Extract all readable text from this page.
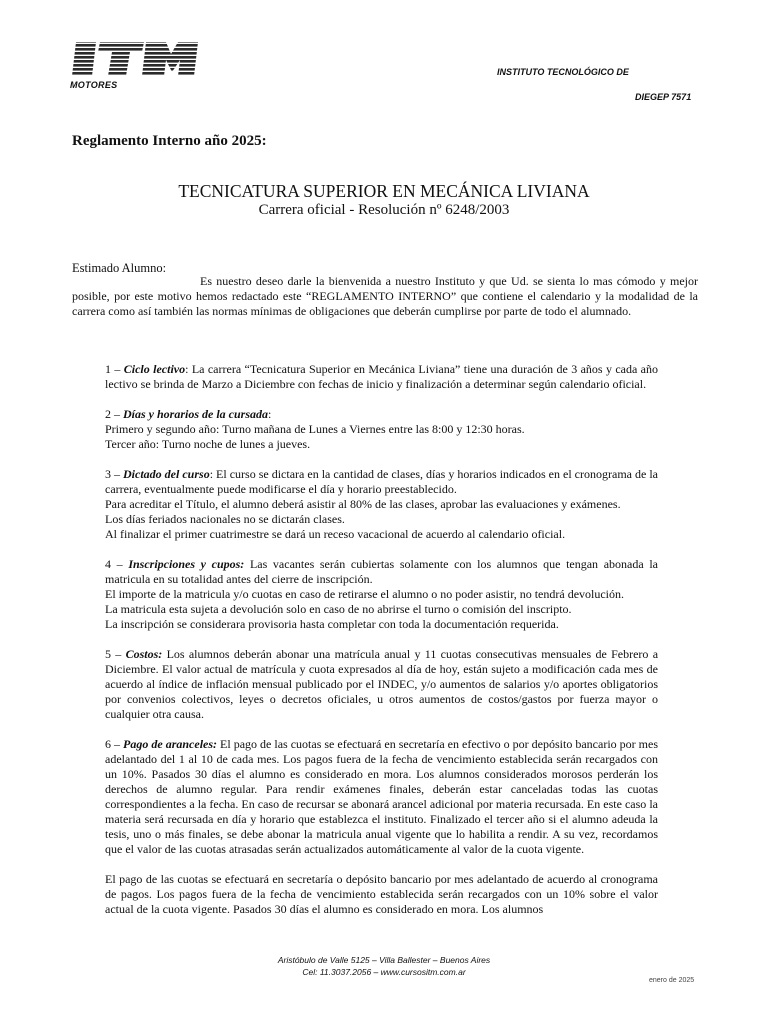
MOTORES
INSTITUTO TECNOLÓGICO DE
DIEGEP 7571
Reglamento Interno año 2025:
TECNICATURA SUPERIOR EN MECÁNICA LIVIANA
Carrera oficial - Resolución nº 6248/2003
Estimado Alumno:
Es nuestro deseo darle la bienvenida a nuestro Instituto y que Ud. se sienta lo mas cómodo y mejor posible, por este motivo hemos redactado este “REGLAMENTO INTERNO” que contiene el calendario y la modalidad de la carrera como así también las normas mínimas de obligaciones que deberán cumplirse por parte de todo el alumnado.

1 – Ciclo lectivo: La carrera “Tecnicatura Superior en Mecánica Liviana” tiene una duración de 3 años y cada año lectivo se brinda de Marzo a Diciembre con fechas de inicio y finalización a determinar según calendario oficial.

2 – Días y horarios de la cursada:
Primero y segundo año: Turno mañana de Lunes a Viernes entre las 8:00 y 12:30 horas.
Tercer año: Turno noche de lunes a jueves.

3 – Dictado del curso: El curso se dictara en la cantidad de clases, días y horarios indicados en el cronograma de la carrera, eventualmente puede modificarse el día y horario preestablecido.
Para acreditar el Título, el alumno deberá asistir al 80% de las clases, aprobar las evaluaciones y exámenes.
Los días feriados nacionales no se dictarán clases.
Al finalizar el primer cuatrimestre se dará un receso vacacional de acuerdo al calendario oficial.

4 – Inscripciones y cupos: Las vacantes serán cubiertas solamente con los alumnos que tengan abonada la matricula en su totalidad antes del cierre de inscripción.
El importe de la matricula y/o cuotas en caso de retirarse el alumno o no poder asistir, no tendrá devolución.
La matricula esta sujeta a devolución solo en caso de no abrirse el turno o comisión del inscripto.
La inscripción se considerara provisoria hasta completar con toda la documentación requerida.

5 – Costos: Los alumnos deberán abonar una matrícula anual y 11 cuotas consecutivas mensuales de Febrero a Diciembre. El valor actual de matrícula y cuota expresados al día de hoy, están sujeto a modificación cada mes de acuerdo al índice de inflación mensual publicado por el INDEC, y/o aumentos de salarios y/o aportes obligatorios por convenios colectivos, leyes o decretos oficiales, u otros aumentos de costos/gastos por fuerza mayor o cualquier otra causa.

6 – Pago de aranceles: El pago de las cuotas se efectuará en secretaría en efectivo o por depósito bancario por mes adelantado del 1 al 10 de cada mes. Los pagos fuera de la fecha de vencimiento establecida serán recargados con un 10%. Pasados 30 días el alumno es considerado en mora. Los alumnos considerados morosos perderán los derechos de alumno regular. Para rendir exámenes finales, deberán estar canceladas todas las cuotas correspondientes a la fecha. En caso de recursar se abonará arancel adicional por materia recursada. En este caso la materia será recursada en día y horario que establezca el instituto. Finalizado el tercer año si el alumno adeuda la tesis, uno o más finales, se debe abonar la matricula anual vigente que lo habilita a rendir. A su vez, recordamos que el valor de las cuotas atrasadas serán actualizados automáticamente al valor de la cuota vigente.

El pago de las cuotas se efectuará en secretaría o depósito bancario por mes adelantado de acuerdo al cronograma de pagos. Los pagos fuera de la fecha de vencimiento establecida serán recargados con un 10% sobre el valor actual de la cuota vigente. Pasados 30 días el alumno es considerado en mora. Los alumnos

Aristóbulo de Valle 5125 – Villa Ballester – Buenos Aires
Cel: 11.3037.2056 – www.cursositm.com.ar
enero de 2025
